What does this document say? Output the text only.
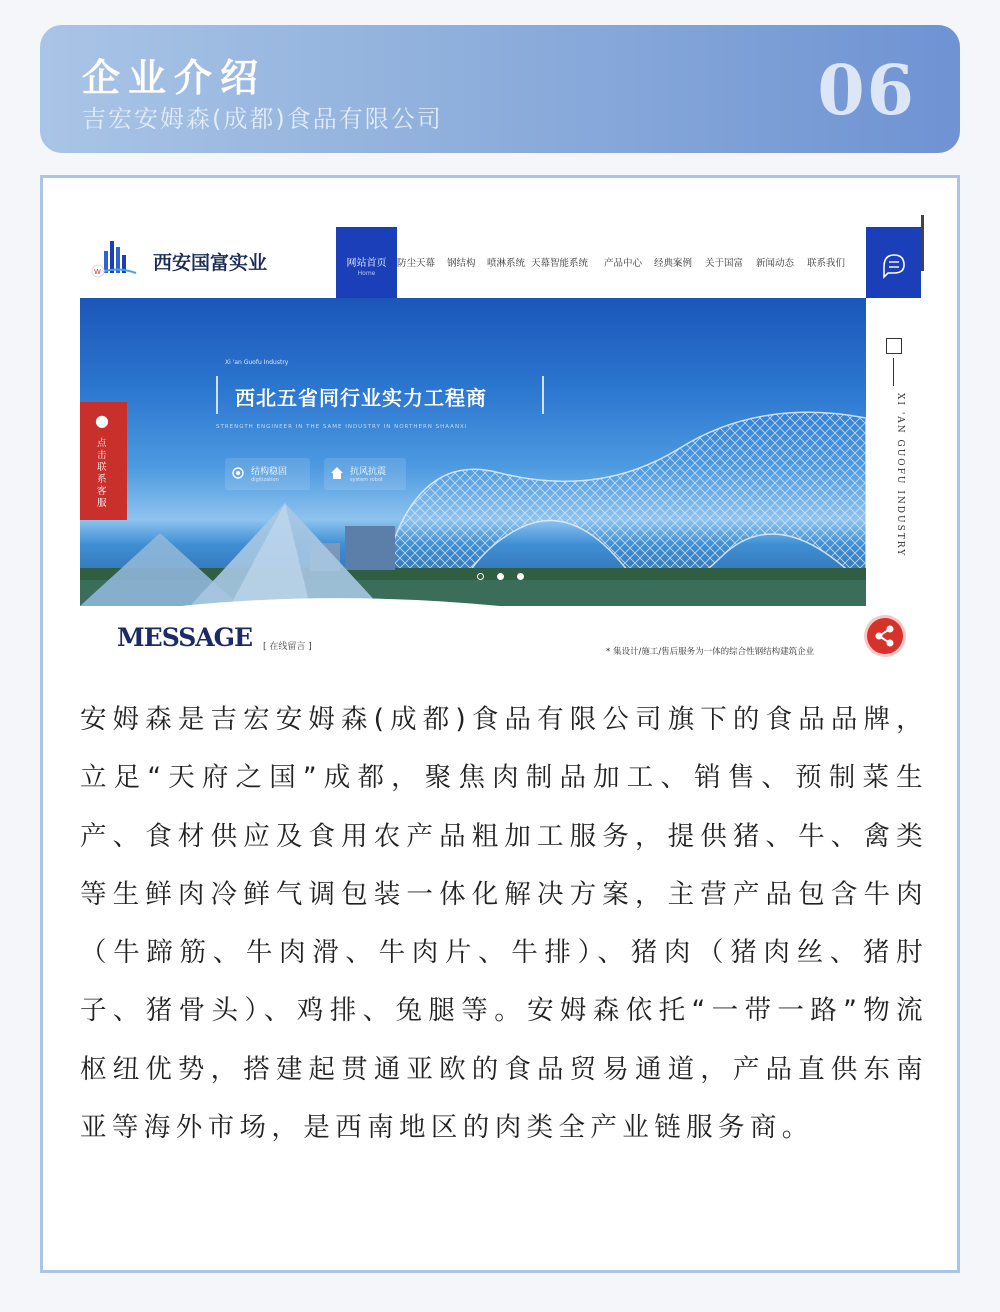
企业介绍
吉宏安姆森(成都)食品有限公司	06
W	西安国富实业	网站首页
Home
防尘天幕 钢结构 喷淋系统 天幕智能系统 产品中心 经典案例 关于国富 新闻动态 联系我们
Xi 'an Guofu Industry
西北五省同行业实力工程商
STRENGTH ENGINEER IN THE SAME INDUSTRY IN NORTHERN SHAANXI
结构稳固
digitization
抗风抗震
system robot
●
点击联系客服	XI 'AN GUOFU INDUSTRY
MESSAGE [ 在线留言 ]	* 集设计/施工/售后服务为一体的综合性钢结构建筑企业
安姆森是吉宏安姆森(成都)食品有限公司旗下的食品品牌，立足“天府之国”成都，聚焦肉制品加工、销售、预制菜生产、食材供应及食用农产品粗加工服务，提供猪、牛、禽类等生鲜肉冷鲜气调包装一体化解决方案，主营产品包含牛肉（牛蹄筋、牛肉滑、牛肉片、牛排）、猪肉（猪肉丝、猪肘子、猪骨头）、鸡排、兔腿等。安姆森依托“一带一路”物流枢纽优势，搭建起贯通亚欧的食品贸易通道，产品直供东南亚等海外市场，是西南地区的肉类全产业链服务商。
